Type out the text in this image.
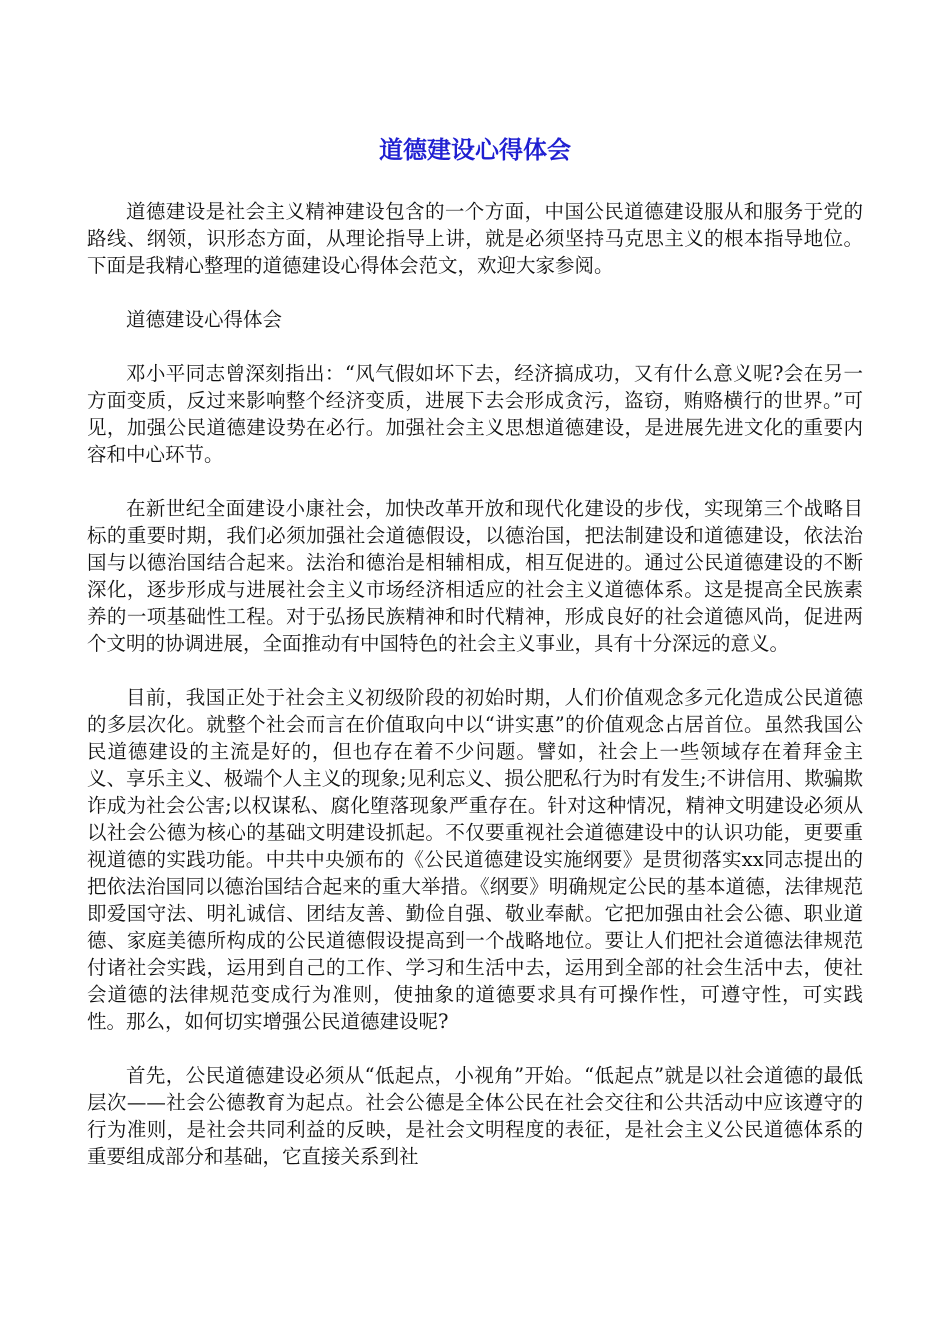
道德建设心得体会

道德建设是社会主义精神建设包含的一个方面，中国公民道德建设服从和服务于党的路线、纲领，识形态方面，从理论指导上讲，就是必须坚持马克思主义的根本指导地位。下面是我精心整理的道德建设心得体会范文，欢迎大家参阅。

道德建设心得体会

邓小平同志曾深刻指出：“风气假如坏下去，经济搞成功，又有什么意义呢?会在另一方面变质，反过来影响整个经济变质，进展下去会形成贪污，盗窃，贿赂横行的世界。”可见，加强公民道德建设势在必行。加强社会主义思想道德建设，是进展先进文化的重要内容和中心环节。

在新世纪全面建设小康社会，加快改革开放和现代化建设的步伐，实现第三个战略目标的重要时期，我们必须加强社会道德假设，以德治国，把法制建设和道德建设，依法治国与以德治国结合起来。法治和德治是相辅相成，相互促进的。通过公民道德建设的不断深化，逐步形成与进展社会主义市场经济相适应的社会主义道德体系。这是提高全民族素养的一项基础性工程。对于弘扬民族精神和时代精神，形成良好的社会道德风尚，促进两个文明的协调进展，全面推动有中国特色的社会主义事业，具有十分深远的意义。

目前，我国正处于社会主义初级阶段的初始时期，人们价值观念多元化造成公民道德的多层次化。就整个社会而言在价值取向中以“讲实惠”的价值观念占居首位。虽然我国公民道德建设的主流是好的，但也存在着不少问题。譬如，社会上一些领域存在着拜金主义、享乐主义、极端个人主义的现象;见利忘义、损公肥私行为时有发生;不讲信用、欺骗欺诈成为社会公害;以权谋私、腐化堕落现象严重存在。针对这种情况，精神文明建设必须从以社会公德为核心的基础文明建设抓起。不仅要重视社会道德建设中的认识功能，更要重视道德的实践功能。中共中央颁布的《公民道德建设实施纲要》是贯彻落实xx同志提出的把依法治国同以德治国结合起来的重大举措。《纲要》明确规定公民的基本道德，法律规范即爱国守法、明礼诚信、团结友善、勤俭自强、敬业奉献。它把加强由社会公德、职业道德、家庭美德所构成的公民道德假设提高到一个战略地位。要让人们把社会道德法律规范付诸社会实践，运用到自己的工作、学习和生活中去，运用到全部的社会生活中去，使社会道德的法律规范变成行为准则，使抽象的道德要求具有可操作性，可遵守性，可实践性。那么，如何切实增强公民道德建设呢?

首先，公民道德建设必须从“低起点，小视角”开始。“低起点”就是以社会道德的最低层次——社会公德教育为起点。社会公德是全体公民在社会交往和公共活动中应该遵守的行为准则，是社会共同利益的反映，是社会文明程度的表征，是社会主义公民道德体系的重要组成部分和基础，它直接关系到社
